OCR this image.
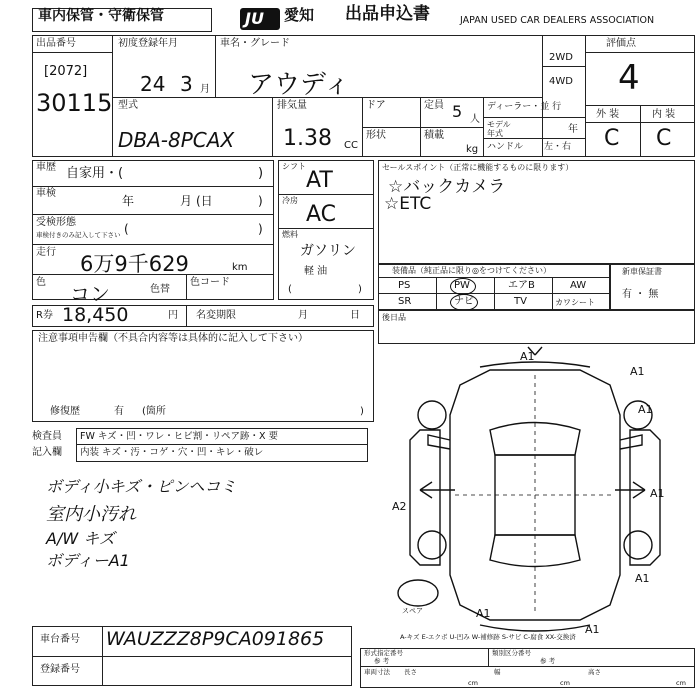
車内保管・守衛保管	JU 愛知 出品申込書	JAPAN USED CAR DEALERS ASSOCIATION
出品番号
[2072]
30115
初度登録年月
24 3 月
型式
DBA-8PCAX
車名・グレード
アウディ
2WD
4WD
排気量
1.38 CC
ドア
形状
定員 5 人
積載
kg
ディーラー・並 行
モデル 年式	年
ハンドル 左・右
評価点
4
外 装	内 装
C C
車歴 自家用・(	)
車検
年	月 (日	)
受検形態
車検付きのみ記入して下さい (	)
走行 6万9千629	km
色 コン	色替
色コード
シフト
AT
冷房
AC
燃料
ガソリン
軽 油
(	)
セールスポイント（正常に機能するものに限ります）
☆バックカメラ
☆ETC
装備品（純正品に限り◎をつけてください）
PS	PW	エアB	AW
SR	ナビ	TV	カワシート
新車保証書
有 ・ 無
R券 18,450	円 名変期限	月	日	後日品
注意事項申告欄（不具合内容等は具体的に記入して下さい）
修復歴	有 (箇所	)
検査員
記入欄
FW キズ・凹・ワレ・ヒビ割・リペア跡・X 要
内装 キズ・汚・コゲ・穴・凹・キレ・破レ
ボディ小キズ・ピンヘコミ
室内小汚れ
A/W キズ
ボディーA1
A1
A1
A1
A2
A1
A1
A1
A1
スペア
A-キズ E-エクボ U-凹み W-補修跡 S-サビ C-腐食 XX-交換済
車台番号 WAUZZZ8P9CA091865
登録番号
形式指定番号
参 考
類別区分番号
参 考
車両寸法 長さ
cm
幅
cm
高さ
cm
